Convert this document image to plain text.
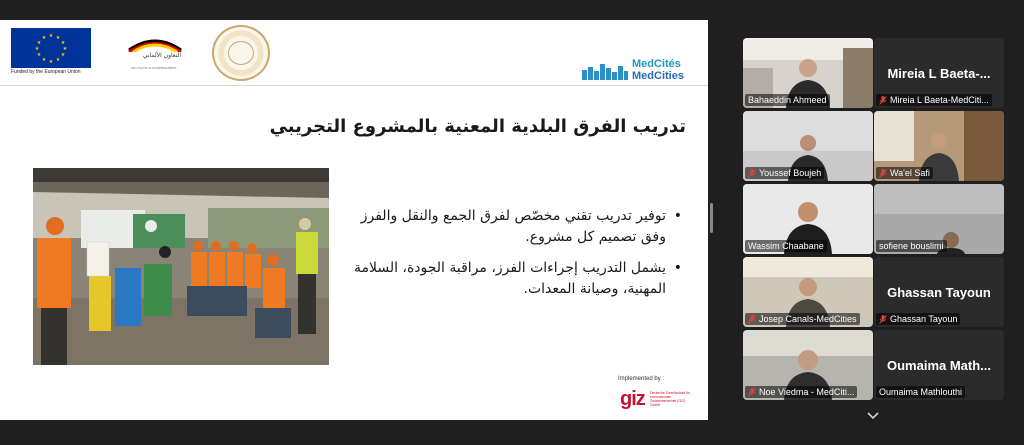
★ ★
★
★
★
★
★
★
★
★
★
★
Funded by the European Union
التعاون الألماني
DEUTSCHE ZUSAMMENARBEIT	MedCités
MedCities
تدريب الفرق البلدية المعنية بالمشروع التجريبي
• توفير تدريب تقني مخصّص لفرق الجمع والنقل والفرز وفق تصميم كل مشروع.
• يشمل التدريب إجراءات الفرز، مراقبة الجودة، السلامة المهنية، وصيانة المعدات.
Implemented by :
giz Deutsche Gesellschaft für Internationale Zusammenarbeit (GIZ) GmbH
Bahaeddin Ahmeed
Mireia L Baeta-...
Mireia L Baeta-MedCiti...
Youssef Boujeh	Wa'el Safi
Wassim Chaabane	sofiene bouslimi
Josep Canals-MedCities
Ghassan Tayoun
Ghassan Tayoun
Noe Viedma - MedCiti...
Oumaima Math...
Oumaima Mathlouthi
